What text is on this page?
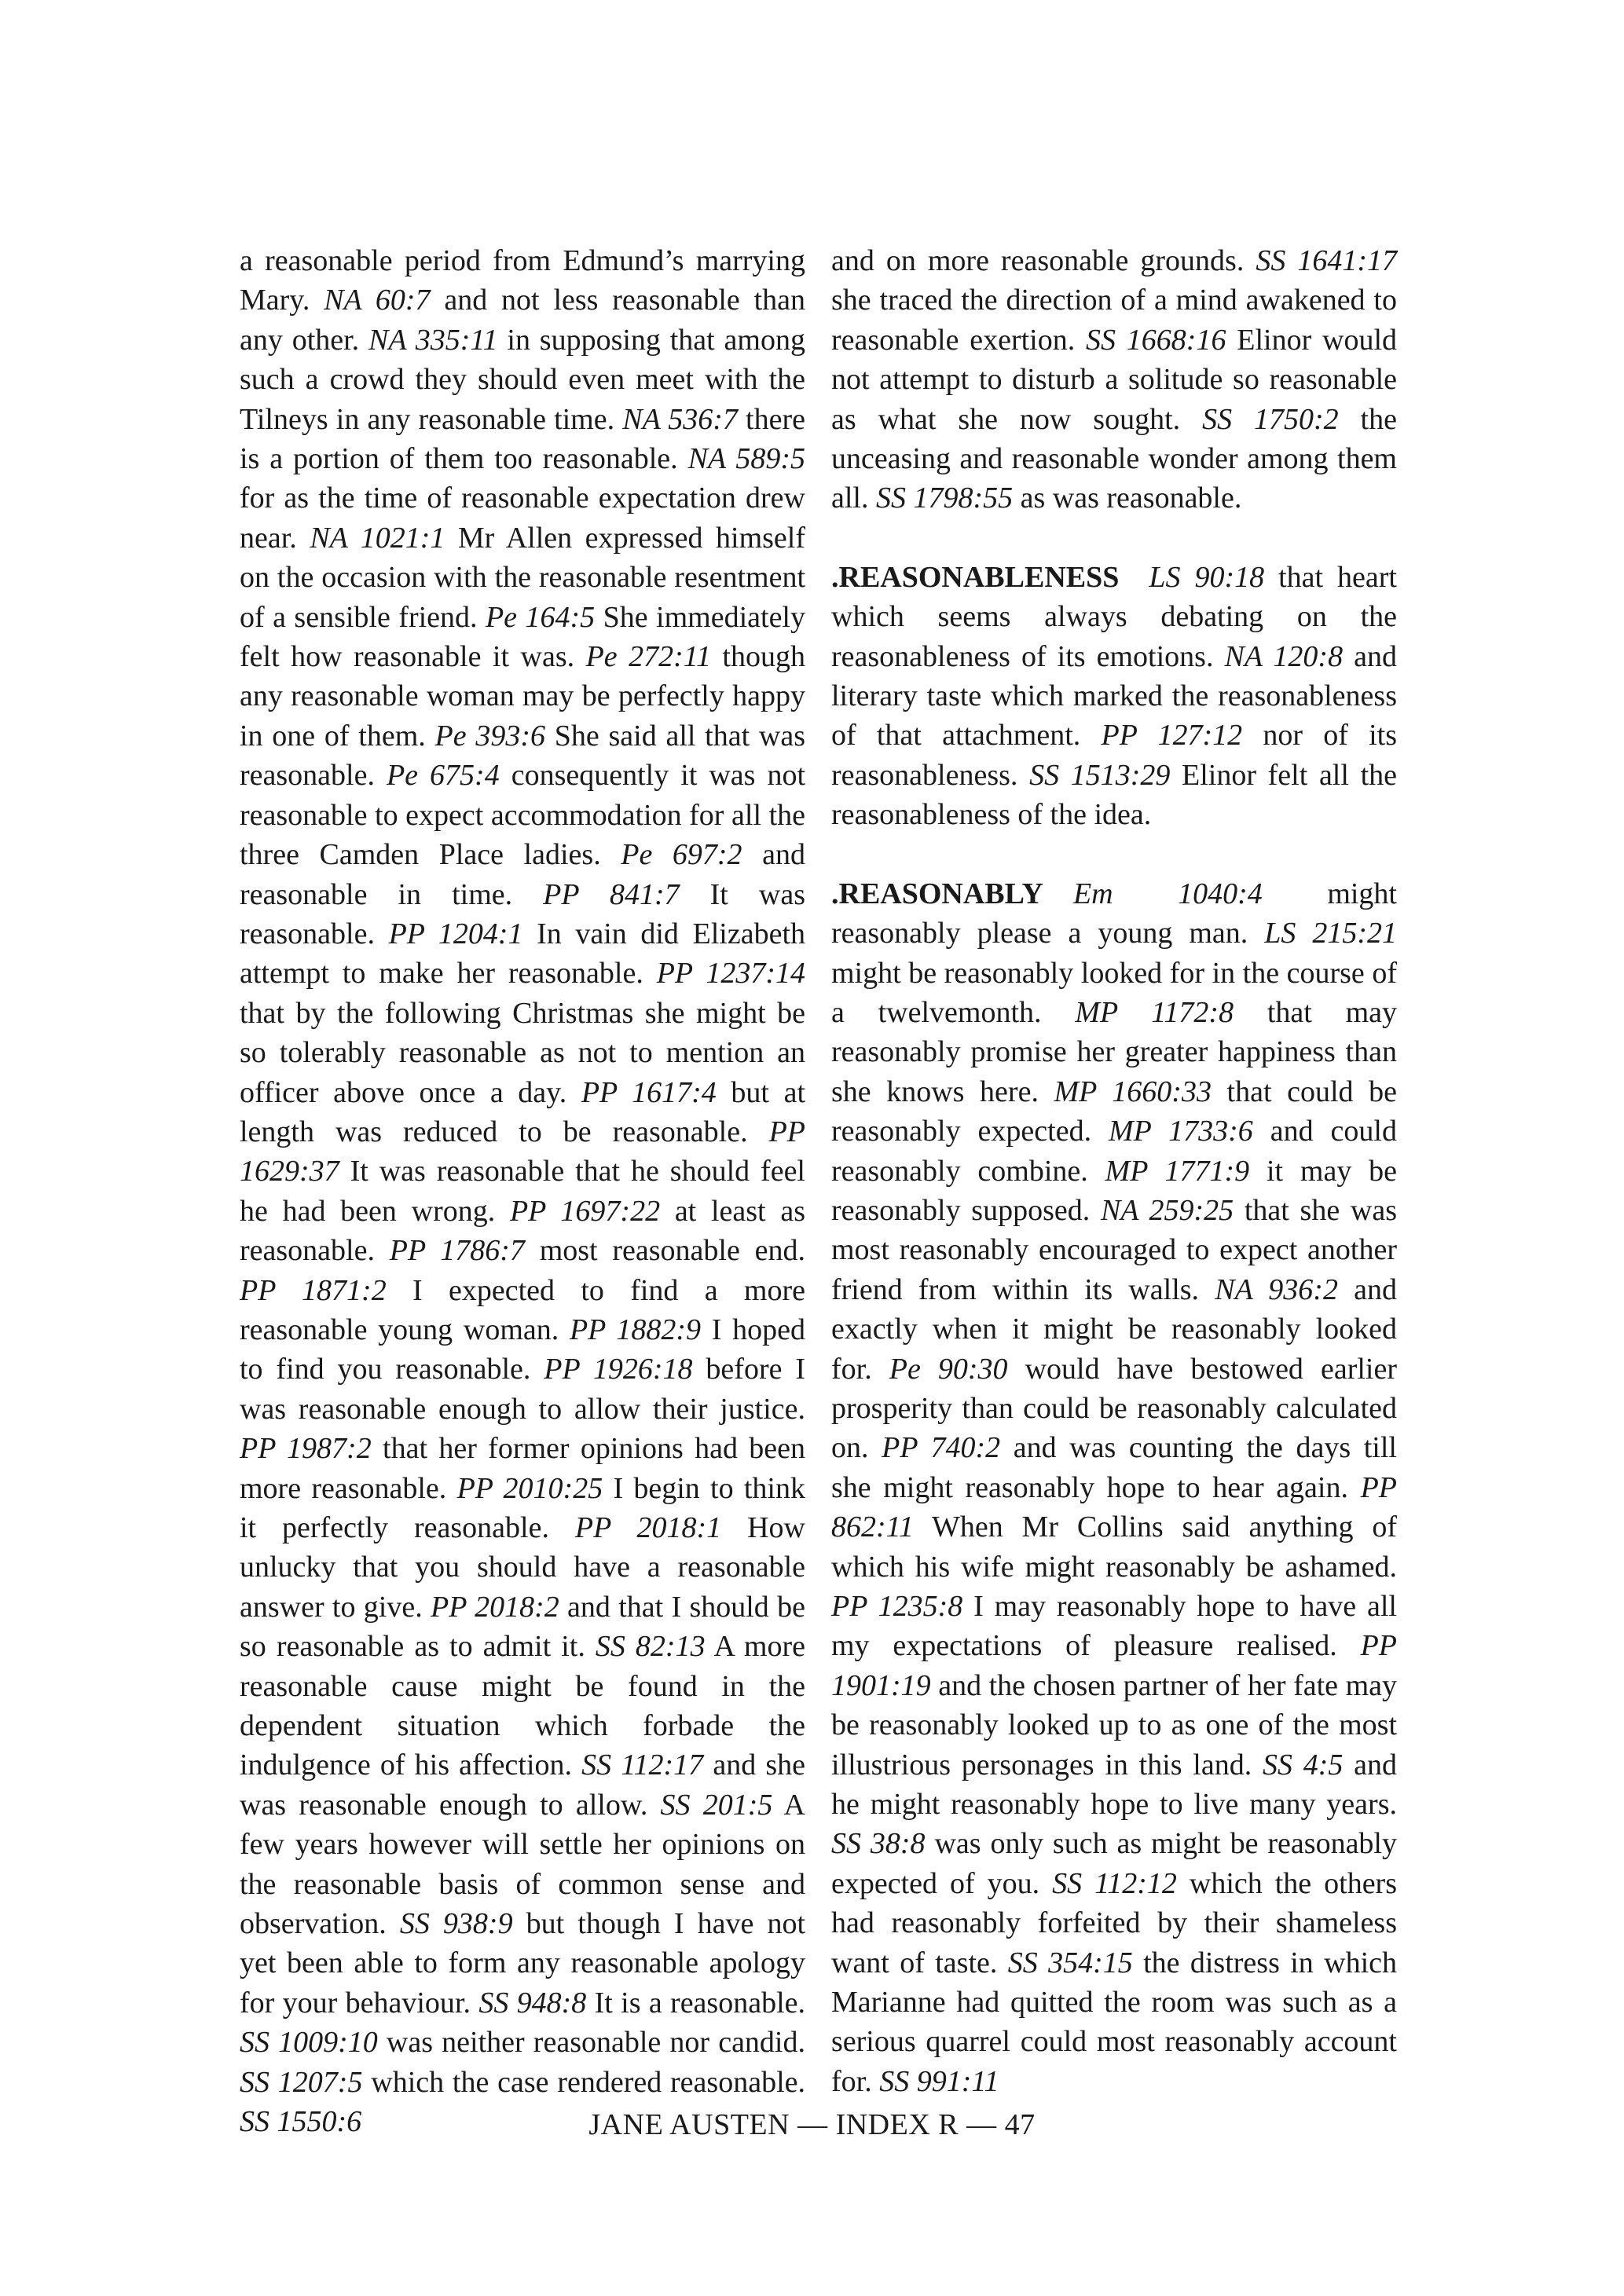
a reasonable period from Edmund’s marrying Mary. NA 60:7 and not less reasonable than any other. NA 335:11 in supposing that among such a crowd they should even meet with the Tilneys in any reasonable time. NA 536:7 there is a portion of them too reasonable. NA 589:5 for as the time of reasonable expectation drew near. NA 1021:1 Mr Allen expressed himself on the occasion with the reasonable resentment of a sensible friend. Pe 164:5 She immediately felt how reasonable it was. Pe 272:11 though any reasonable woman may be perfectly happy in one of them. Pe 393:6 She said all that was reasonable. Pe 675:4 consequently it was not reasonable to expect accommodation for all the three Camden Place ladies. Pe 697:2 and reasonable in time. PP 841:7 It was reasonable. PP 1204:1 In vain did Elizabeth attempt to make her reasonable. PP 1237:14 that by the following Christmas she might be so tolerably reasonable as not to mention an officer above once a day. PP 1617:4 but at length was reduced to be reasonable. PP 1629:37 It was reasonable that he should feel he had been wrong. PP 1697:22 at least as reasonable. PP 1786:7 most reasonable end. PP 1871:2 I expected to find a more reasonable young woman. PP 1882:9 I hoped to find you reasonable. PP 1926:18 before I was reasonable enough to allow their justice. PP 1987:2 that her former opinions had been more reasonable. PP 2010:25 I begin to think it perfectly reasonable. PP 2018:1 How unlucky that you should have a reasonable answer to give. PP 2018:2 and that I should be so reasonable as to admit it. SS 82:13 A more reasonable cause might be found in the dependent situation which forbade the indulgence of his affection. SS 112:17 and she was reasonable enough to allow. SS 201:5 A few years however will settle her opinions on the reasonable basis of common sense and observation. SS 938:9 but though I have not yet been able to form any reasonable apology for your behaviour. SS 948:8 It is a reasonable. SS 1009:10 was neither reasonable nor candid. SS 1207:5 which the case rendered reasonable. SS 1550:6

and on more reasonable grounds. SS 1641:17 she traced the direction of a mind awakened to reasonable exertion. SS 1668:16 Elinor would not attempt to disturb a solitude so reasonable as what she now sought. SS 1750:2 the unceasing and reasonable wonder among them all. SS 1798:55 as was reasonable.

.REASONABLENESS  LS 90:18 that heart which seems always debating on the reasonableness of its emotions. NA 120:8 and literary taste which marked the reasonableness of that attachment. PP 127:12 nor of its reasonableness. SS 1513:29 Elinor felt all the reasonableness of the idea.

.REASONABLY  Em 1040:4 might reasonably please a young man. LS 215:21 might be reasonably looked for in the course of a twelvemonth. MP 1172:8 that may reasonably promise her greater happiness than she knows here. MP 1660:33 that could be reasonably expected. MP 1733:6 and could reasonably combine. MP 1771:9 it may be reasonably supposed. NA 259:25 that she was most reasonably encouraged to expect another friend from within its walls. NA 936:2 and exactly when it might be reasonably looked for. Pe 90:30 would have bestowed earlier prosperity than could be reasonably calculated on. PP 740:2 and was counting the days till she might reasonably hope to hear again. PP 862:11 When Mr Collins said anything of which his wife might reasonably be ashamed. PP 1235:8 I may reasonably hope to have all my expectations of pleasure realised. PP 1901:19 and the chosen partner of her fate may be reasonably looked up to as one of the most illustrious personages in this land. SS 4:5 and he might reasonably hope to live many years. SS 38:8 was only such as might be reasonably expected of you. SS 112:12 which the others had reasonably forfeited by their shameless want of taste. SS 354:15 the distress in which Marianne had quitted the room was such as a serious quarrel could most reasonably account for. SS 991:11

JANE AUSTEN — INDEX R — 47
